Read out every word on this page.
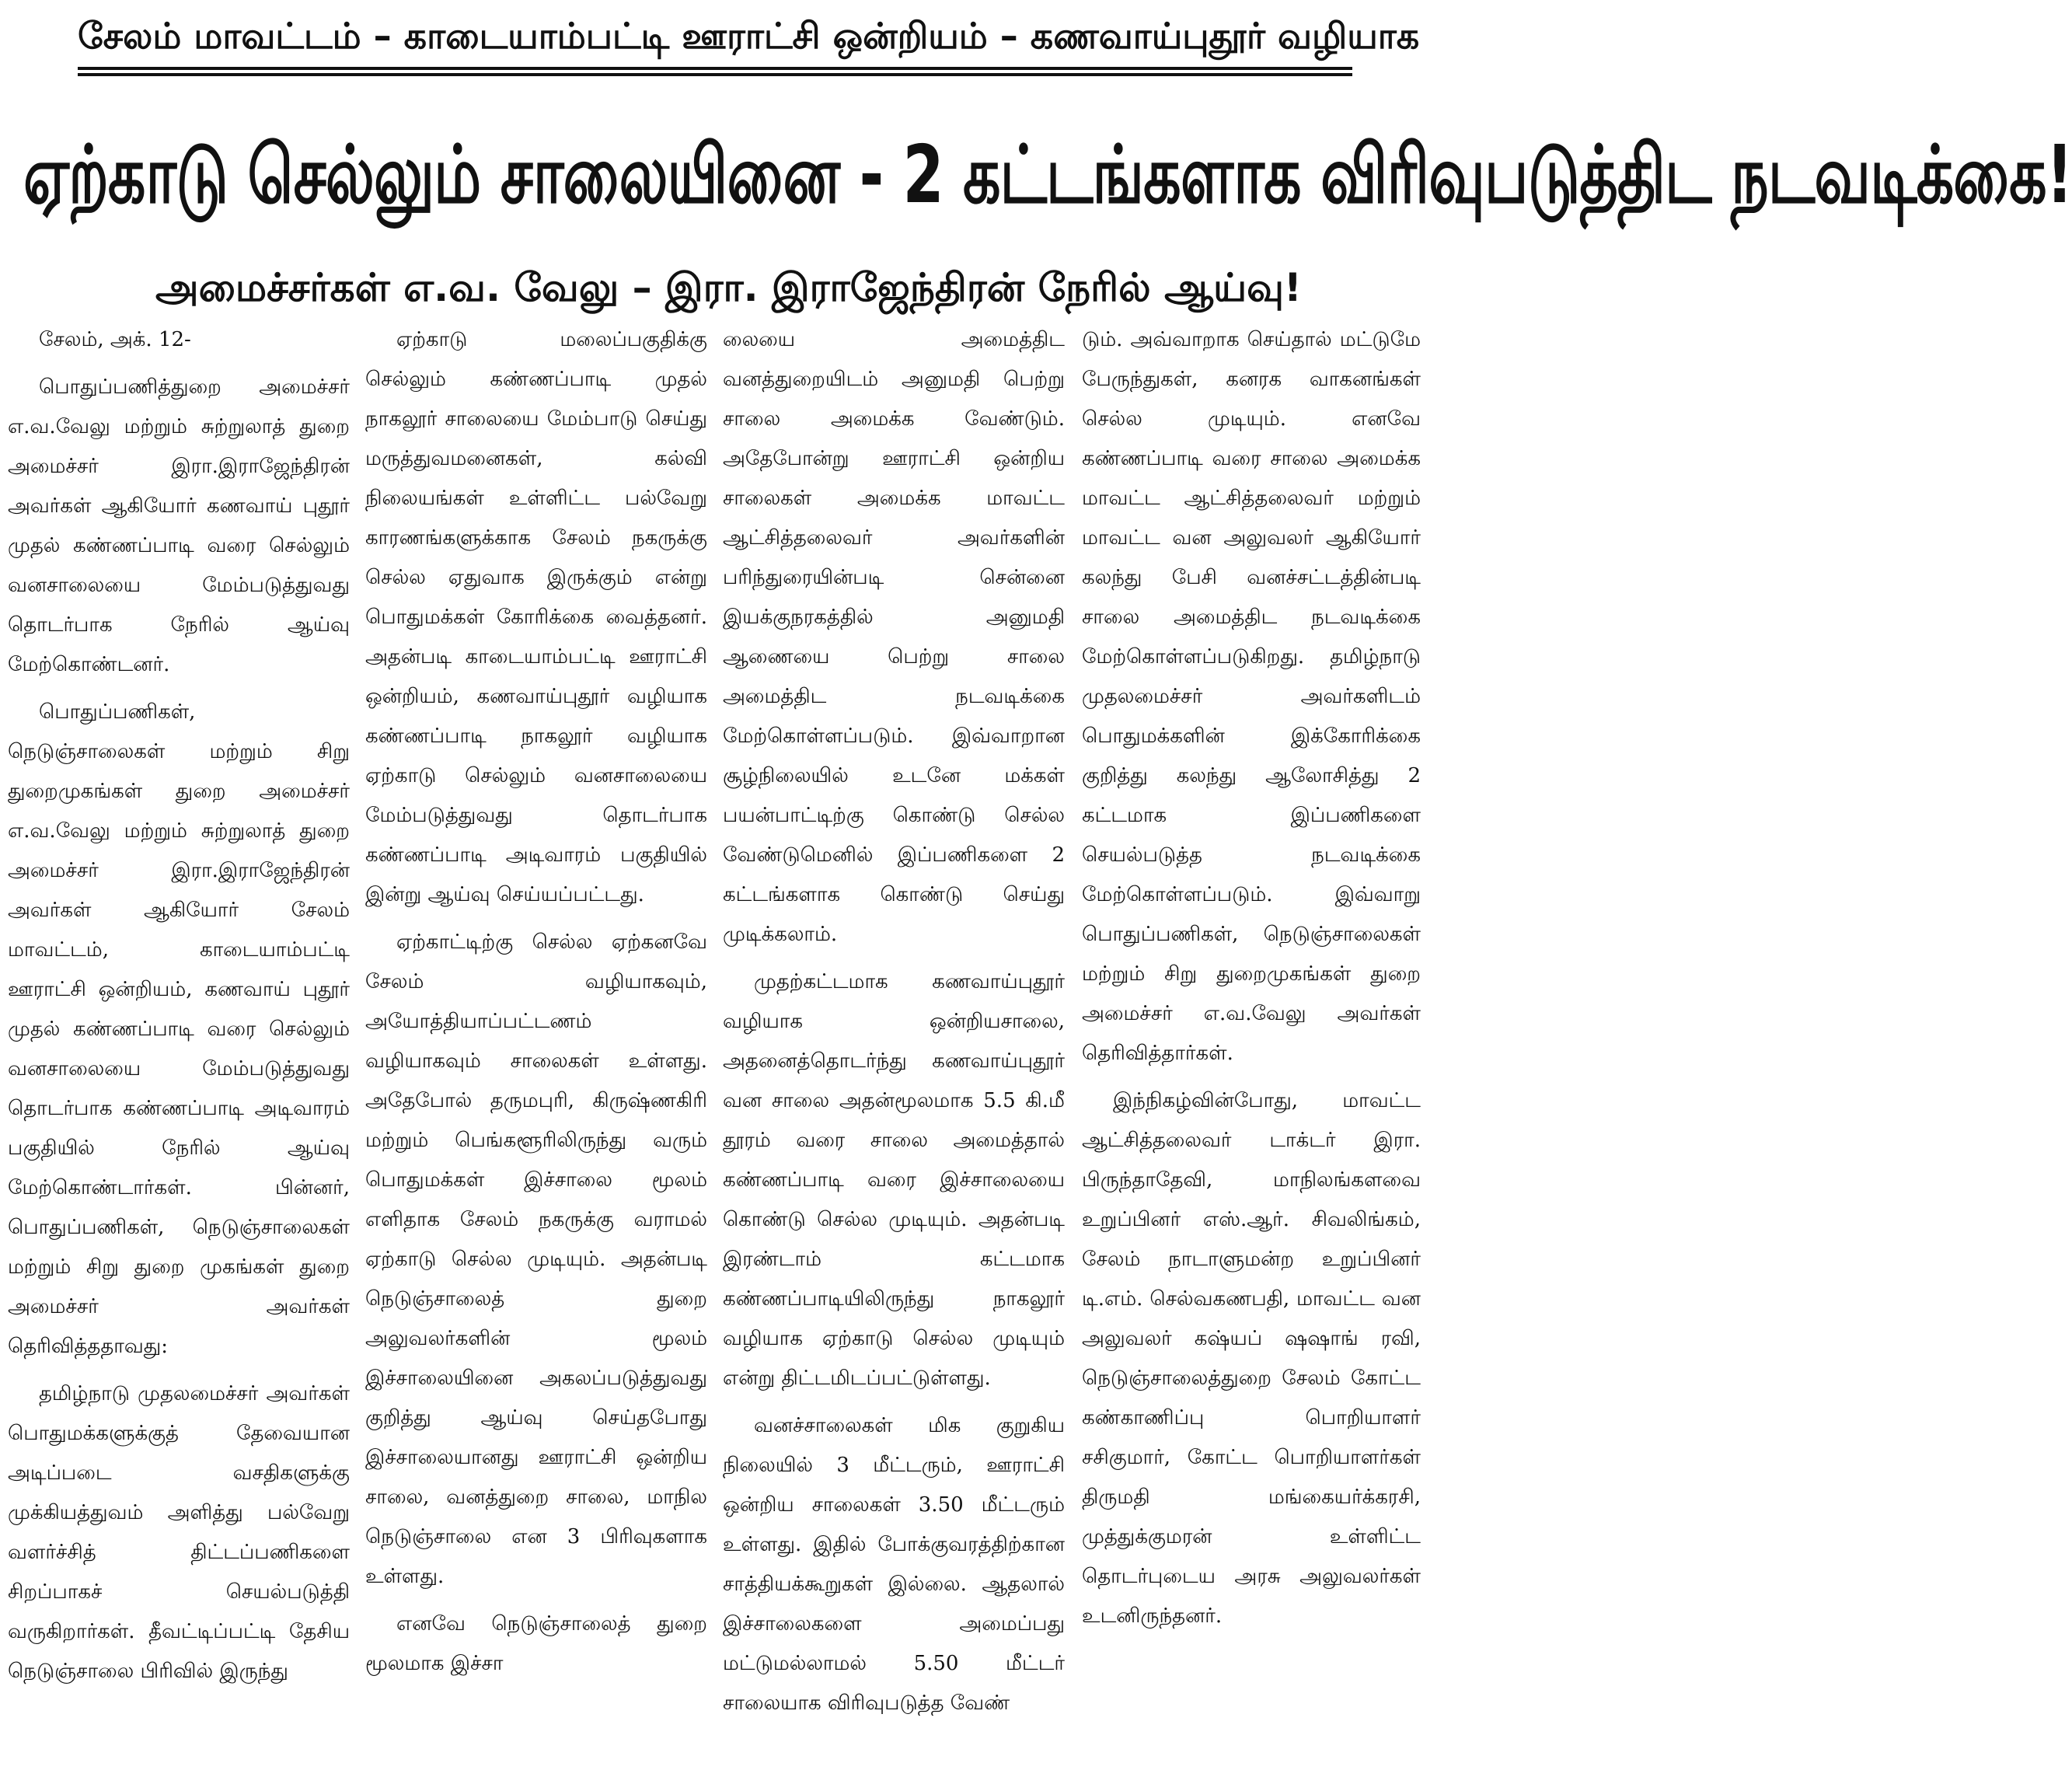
சேலம் மாவட்டம் – காடையாம்பட்டி ஊராட்சி ஒன்றியம் – கணவாய்புதூர் வழியாக
ஏற்காடு செல்லும் சாலையினை - 2 கட்டங்களாக விரிவுபடுத்திட நடவடிக்கை!
அமைச்சர்கள் எ.வ. வேலு – இரா. இராஜேந்திரன் நேரில் ஆய்வு!

சேலம், அக். 12-

பொதுப்பணித்துறை அமைச்சர் எ.வ.வேலு மற்றும் சுற்றுலாத் துறை அமைச்சர் இரா.இராஜேந்திரன் அவர்கள் ஆகியோர் கணவாய் புதூர் முதல் கண்ணப்பாடி வரை செல்லும் வனசாலையை மேம்படுத்துவது தொடர்பாக நேரில் ஆய்வு மேற்கொண்டனர்.

பொதுப்பணிகள், நெடுஞ்சாலைகள் மற்றும் சிறு துறைமுகங்கள் துறை அமைச்சர் எ.வ.வேலு மற்றும் சுற்றுலாத் துறை அமைச்சர் இரா.இராஜேந்திரன் அவர்கள் ஆகியோர் சேலம் மாவட்டம், காடையாம்பட்டி ஊராட்சி ஒன்றியம், கணவாய் புதூர் முதல் கண்ணப்பாடி வரை செல்லும் வனசாலையை மேம்படுத்துவது தொடர்பாக கண்ணப்பாடி அடிவாரம் பகுதியில் நேரில் ஆய்வு மேற்கொண்டார்கள். பின்னர், பொதுப்பணிகள், நெடுஞ்சாலைகள் மற்றும் சிறு துறை முகங்கள் துறை அமைச்சர் அவர்கள் தெரிவித்ததாவது:

தமிழ்நாடு முதலமைச்சர் அவர்கள் பொதுமக்களுக்குத் தேவையான அடிப்படை வசதிகளுக்கு முக்கியத்துவம் அளித்து பல்வேறு வளர்ச்சித் திட்டப்பணிகளை சிறப்பாகச் செயல்படுத்தி வருகிறார்கள். தீவட்டிப்பட்டி தேசிய நெடுஞ்சாலை பிரிவில் இருந்து

ஏற்காடு மலைப்பகுதிக்கு செல்லும் கண்ணப்பாடி முதல் நாகலூர் சாலையை மேம்பாடு செய்து மருத்துவமனைகள், கல்வி நிலையங்கள் உள்ளிட்ட பல்வேறு காரணங்களுக்காக சேலம் நகருக்கு செல்ல ஏதுவாக இருக்கும் என்று பொதுமக்கள் கோரிக்கை வைத்தனர். அதன்படி காடையாம்பட்டி ஊராட்சி ஒன்றியம், கணவாய்புதூர் வழியாக கண்ணப்பாடி நாகலூர் வழியாக ஏற்காடு செல்லும் வனசாலையை மேம்படுத்துவது தொடர்பாக கண்ணப்பாடி அடிவாரம் பகுதியில் இன்று ஆய்வு செய்யப்பட்டது.

ஏற்காட்டிற்கு செல்ல ஏற்கனவே சேலம் வழியாகவும், அயோத்தியாப்பட்டணம் வழியாகவும் சாலைகள் உள்ளது. அதேபோல் தருமபுரி, கிருஷ்ணகிரி மற்றும் பெங்களூரிலிருந்து வரும் பொதுமக்கள் இச்சாலை மூலம் எளிதாக சேலம் நகருக்கு வராமல் ஏற்காடு செல்ல முடியும். அதன்படி நெடுஞ்சாலைத் துறை அலுவலர்களின் மூலம் இச்சாலையினை அகலப்படுத்துவது குறித்து ஆய்வு செய்தபோது இச்சாலையானது ஊராட்சி ஒன்றிய சாலை, வனத்துறை சாலை, மாநில நெடுஞ்சாலை என 3 பிரிவுகளாக உள்ளது.

எனவே நெடுஞ்சாலைத் துறை மூலமாக இச்சா

லையை அமைத்திட வனத்துறையிடம் அனுமதி பெற்று சாலை அமைக்க வேண்டும். அதேபோன்று ஊராட்சி ஒன்றிய சாலைகள் அமைக்க மாவட்ட ஆட்சித்தலைவர் அவர்களின் பரிந்துரையின்படி சென்னை இயக்குநரகத்தில் அனுமதி ஆணையை பெற்று சாலை அமைத்திட நடவடிக்கை மேற்கொள்ளப்படும். இவ்வாறான சூழ்நிலையில் உடனே மக்கள் பயன்பாட்டிற்கு கொண்டு செல்ல வேண்டுமெனில் இப்பணிகளை 2 கட்டங்களாக கொண்டு செய்து முடிக்கலாம்.

முதற்கட்டமாக கணவாய்புதூர் வழியாக ஒன்றியசாலை, அதனைத்தொடர்ந்து கணவாய்புதூர் வன சாலை அதன்மூலமாக 5.5 கி.மீ தூரம் வரை சாலை அமைத்தால் கண்ணப்பாடி வரை இச்சாலையை கொண்டு செல்ல முடியும். அதன்படி இரண்டாம் கட்டமாக கண்ணப்பாடியிலிருந்து நாகலூர் வழியாக ஏற்காடு செல்ல முடியும் என்று திட்டமிடப்பட்டுள்ளது.

வனச்சாலைகள் மிக குறுகிய நிலையில் 3 மீட்டரும், ஊராட்சி ஒன்றிய சாலைகள் 3.50 மீட்டரும் உள்ளது. இதில் போக்குவரத்திற்கான சாத்தியக்கூறுகள் இல்லை. ஆதலால் இச்சாலைகளை அமைப்பது மட்டுமல்லாமல் 5.50 மீட்டர் சாலையாக விரிவுபடுத்த வேண்

டும். அவ்வாறாக செய்தால் மட்டுமே பேருந்துகள், கனரக வாகனங்கள் செல்ல முடியும். எனவே கண்ணப்பாடி வரை சாலை அமைக்க மாவட்ட ஆட்சித்தலைவர் மற்றும் மாவட்ட வன அலுவலர் ஆகியோர் கலந்து பேசி வனச்சட்டத்தின்படி சாலை அமைத்திட நடவடிக்கை மேற்கொள்ளப்படுகிறது. தமிழ்நாடு முதலமைச்சர் அவர்களிடம் பொதுமக்களின் இக்கோரிக்கை குறித்து கலந்து ஆலோசித்து 2 கட்டமாக இப்பணிகளை செயல்படுத்த நடவடிக்கை மேற்கொள்ளப்படும். இவ்வாறு பொதுப்பணிகள், நெடுஞ்சாலைகள் மற்றும் சிறு துறைமுகங்கள் துறை அமைச்சர் எ.வ.வேலு அவர்கள் தெரிவித்தார்கள்.

இந்நிகழ்வின்போது, மாவட்ட ஆட்சித்தலைவர் டாக்டர் இரா. பிருந்தாதேவி, மாநிலங்களவை உறுப்பினர் எஸ்.ஆர். சிவலிங்கம், சேலம் நாடாளுமன்ற உறுப்பினர் டி.எம். செல்வகணபதி, மாவட்ட வன அலுவலர் கஷ்யப் ஷஷாங் ரவி, நெடுஞ்சாலைத்துறை சேலம் கோட்ட கண்காணிப்பு பொறியாளர் சசிகுமார், கோட்ட பொறியாளர்கள் திருமதி மங்கையர்க்கரசி, முத்துக்குமரன் உள்ளிட்ட தொடர்புடைய அரசு அலுவலர்கள் உடனிருந்தனர்.
